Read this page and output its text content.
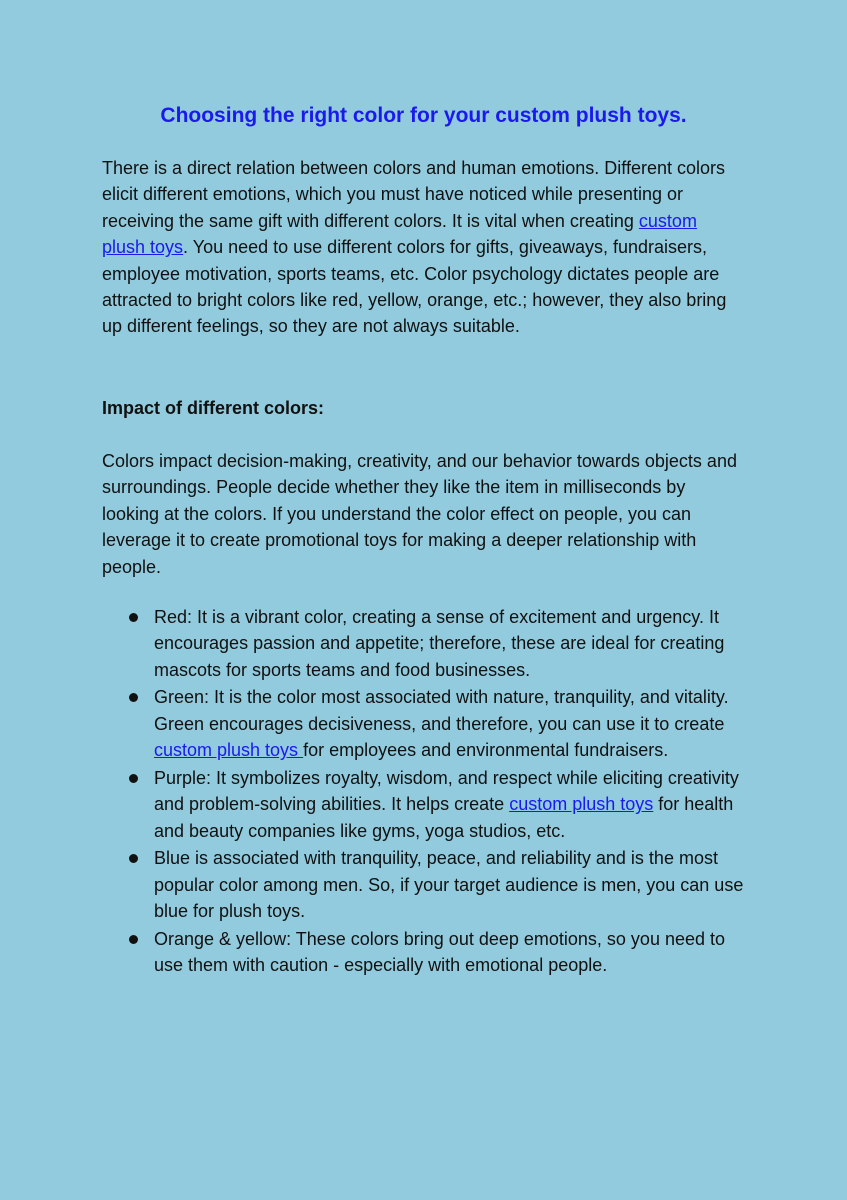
Choosing the right color for your custom plush toys.

There is a direct relation between colors and human emotions. Different colors elicit different emotions, which you must have noticed while presenting or receiving the same gift with different colors. It is vital when creating custom plush toys. You need to use different colors for gifts, giveaways, fundraisers, employee motivation, sports teams, etc. Color psychology dictates people are attracted to bright colors like red, yellow, orange, etc.; however, they also bring up different feelings, so they are not always suitable.

Impact of different colors:

Colors impact decision-making, creativity, and our behavior towards objects and surroundings. People decide whether they like the item in milliseconds by looking at the colors. If you understand the color effect on people, you can leverage it to create promotional toys for making a deeper relationship with people.

Red: It is a vibrant color, creating a sense of excitement and urgency. It encourages passion and appetite; therefore, these are ideal for creating mascots for sports teams and food businesses.
Green: It is the color most associated with nature, tranquility, and vitality. Green encourages decisiveness, and therefore, you can use it to create custom plush toys for employees and environmental fundraisers.
Purple: It symbolizes royalty, wisdom, and respect while eliciting creativity and problem-solving abilities. It helps create custom plush toys for health and beauty companies like gyms, yoga studios, etc.
Blue is associated with tranquility, peace, and reliability and is the most popular color among men. So, if your target audience is men, you can use blue for plush toys.
Orange & yellow: These colors bring out deep emotions, so you need to use them with caution - especially with emotional people.
